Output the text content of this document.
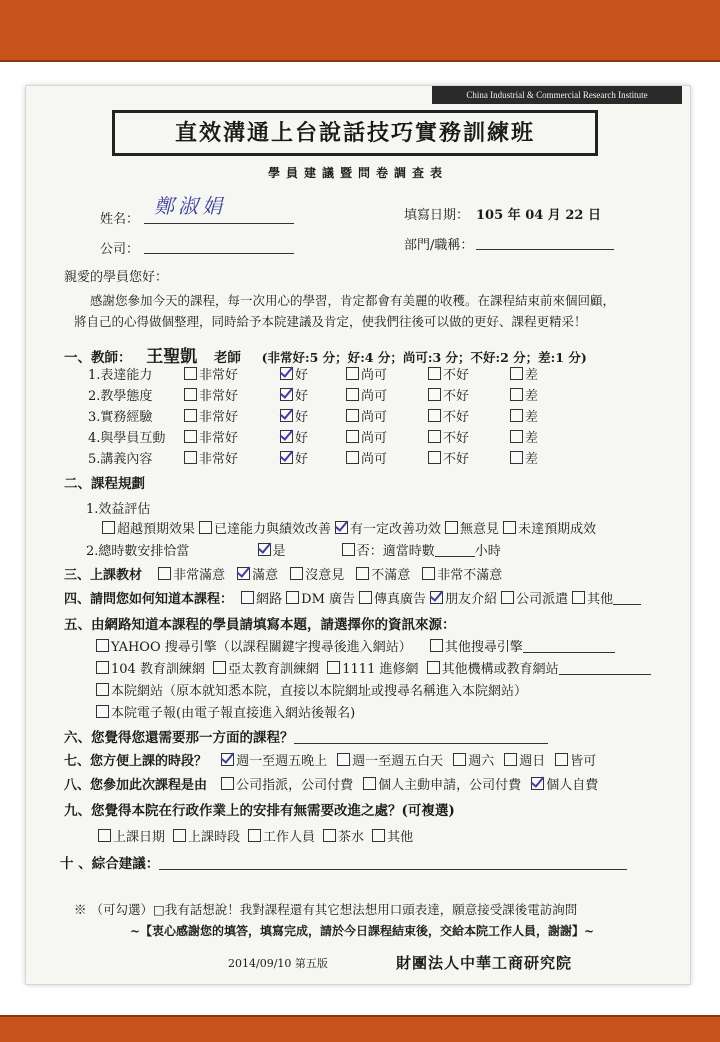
China Industrial & Commercial Research Institute
直效溝通上台說話技巧實務訓練班
學員建議暨問卷調查表
姓名：
鄭淑娟	填寫日期： 105 年 04 月 22 日
公司：	部門/職稱：
親愛的學員您好：
感謝您參加今天的課程，每一次用心的學習，肯定都會有美麗的收穫。在課程結束前來個回顧，
將自己的心得做個整理，同時給予本院建議及肯定，使我們往後可以做的更好、課程更精采！
一、教師： 王聖凱 老師 (非常好:5 分；好:4 分；尚可:3 分；不好:2 分；差:1 分)
1.表達能力	非常好	好	尚可	不好	差
2.教學態度	非常好	好	尚可	不好	差
3.實務經驗	非常好	好	尚可	不好	差
4.與學員互動	非常好	好	尚可	不好	差
5.講義內容	非常好	好	尚可	不好	差
二、課程規劃
1.效益評估
超越預期效果 已達能力與績效改善 有一定改善功效 無意見 未達預期成效
2.總時數安排恰當	是	否：適當時數	小時
三、上課教材 非常滿意 滿意 沒意見 不滿意 非常不滿意
四、請問您如何知道本課程： 網路 DM 廣告 傳真廣告 朋友介紹 公司派遣 其他
五、由網路知道本課程的學員請填寫本題，請選擇你的資訊來源：
YAHOO 搜尋引擎（以課程關鍵字搜尋後進入網站）	其他搜尋引擎
104 教育訓練網 亞太教育訓練網 1111 進修網 其他機構或教育網站
本院網站（原本就知悉本院，直接以本院網址或搜尋名稱進入本院網站）
本院電子報(由電子報直接進入網站後報名)
六、您覺得您還需要那一方面的課程？
七、您方便上課的時段？ 週一至週五晚上 週一至週五白天 週六 週日 皆可
八、您參加此次課程是由 公司指派，公司付費 個人主動申請，公司付費 個人自費
九、您覺得本院在行政作業上的安排有無需要改進之處？(可複選)
上課日期 上課時段 工作人員 茶水 其他
十 、綜合建議：
※ （可勾選）□我有話想說！我對課程還有其它想法想用口頭表達，願意接受課後電訪詢問
~【衷心感謝您的填答，填寫完成，請於今日課程結束後，交給本院工作人員，謝謝】~
2014/09/10 第五版	財團法人中華工商研究院
